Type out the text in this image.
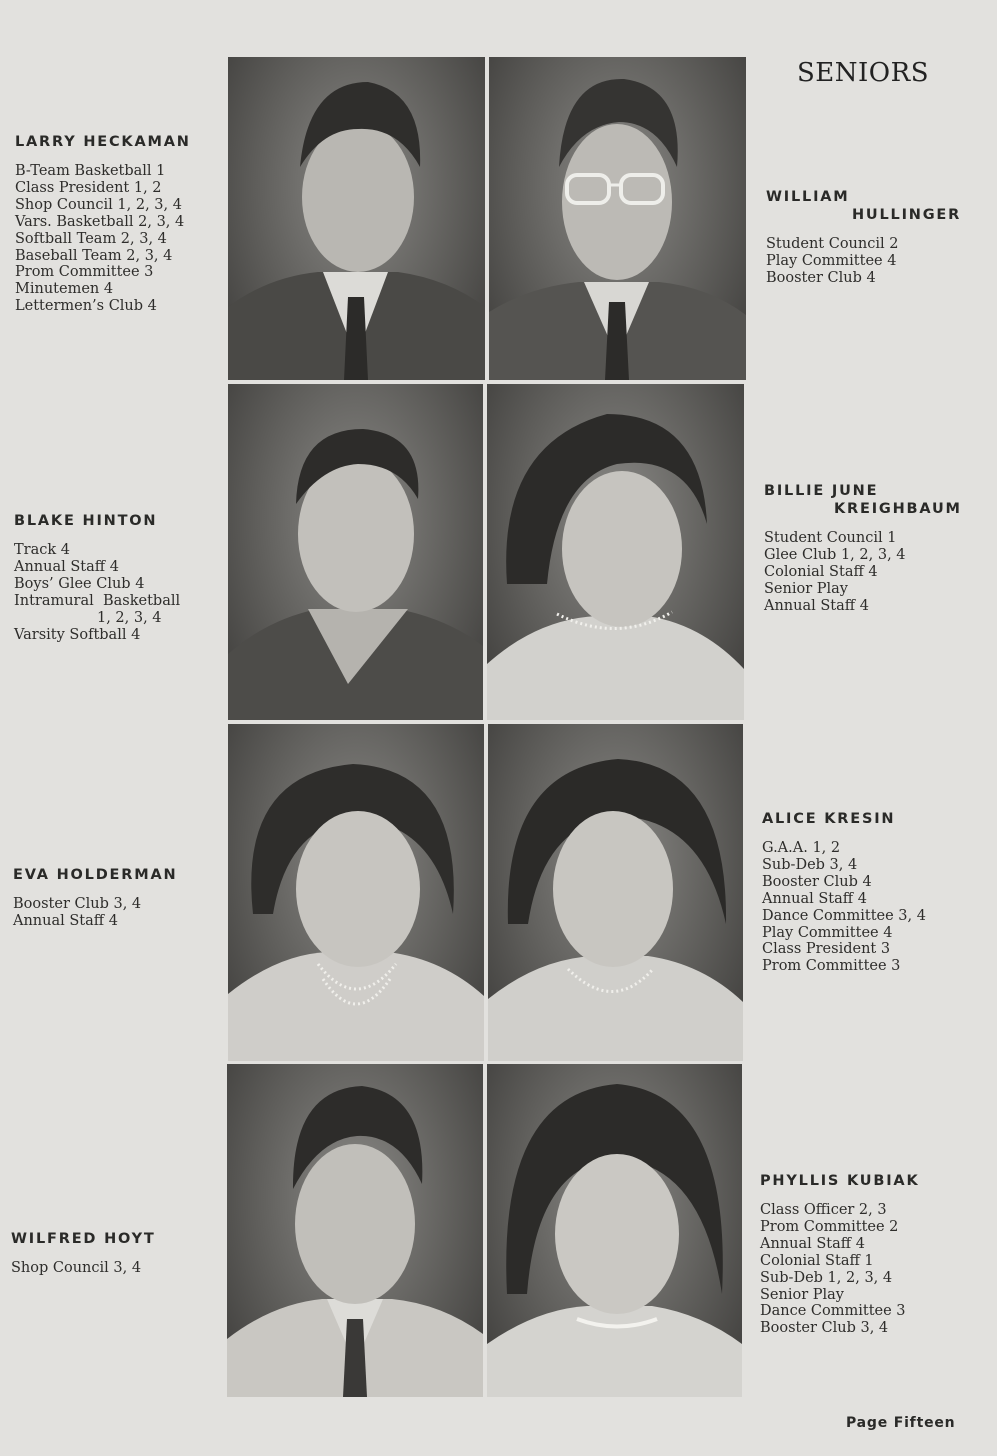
SENIORS
LARRY HECKAMAN
B-Team Basketball 1
Class President 1, 2
Shop Council 1, 2, 3, 4
Vars. Basketball 2, 3, 4
Softball Team 2, 3, 4
Baseball Team 2, 3, 4
Prom Committee 3
Minutemen 4
Lettermen’s Club 4
WILLIAM
HULLINGER
Student Council 2
Play Committee 4
Booster Club 4
BLAKE HINTON
Track 4
Annual Staff 4
Boys’ Glee Club 4
Intramural  Basketball
1, 2, 3, 4
Varsity Softball 4
BILLIE JUNE
KREIGHBAUM
Student Council 1
Glee Club 1, 2, 3, 4
Colonial Staff 4
Senior Play
Annual Staff 4
EVA HOLDERMAN
Booster Club 3, 4
Annual Staff 4
ALICE KRESIN
G.A.A. 1, 2
Sub-Deb 3, 4
Booster Club 4
Annual Staff 4
Dance Committee 3, 4
Play Committee 4
Class President 3
Prom Committee 3
WILFRED HOYT
Shop Council 3, 4
PHYLLIS KUBIAK
Class Officer 2, 3
Prom Committee 2
Annual Staff 4
Colonial Staff 1
Sub-Deb 1, 2, 3, 4
Senior Play
Dance Committee 3
Booster Club 3, 4
Page Fifteen
